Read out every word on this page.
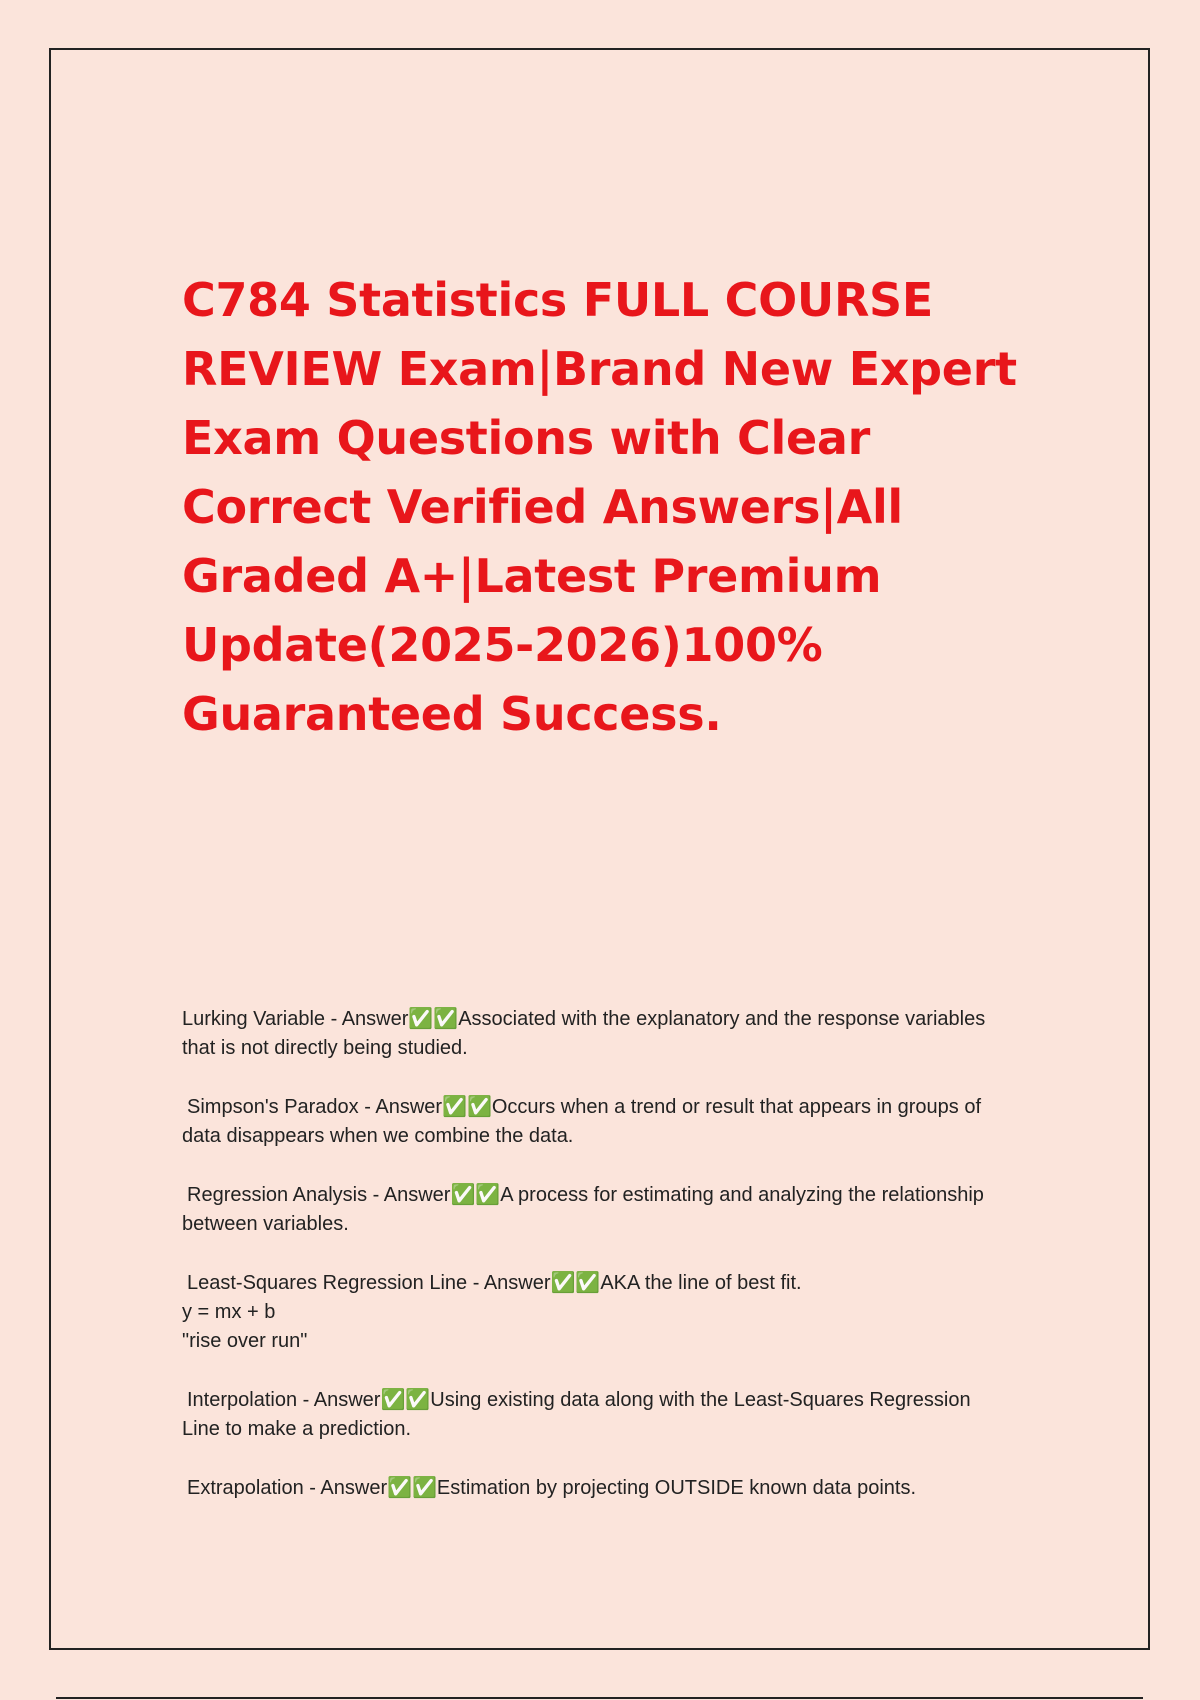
C784 Statistics FULL COURSE REVIEW Exam|Brand New Expert Exam Questions with Clear Correct Verified Answers|All Graded A+|Latest Premium Update(2025-2026)100% Guaranteed Success.
Lurking Variable - Answer✅✅Associated with the explanatory and the response variables that is not directly being studied.
Simpson's Paradox - Answer✅✅Occurs when a trend or result that appears in groups of data disappears when we combine the data.
Regression Analysis - Answer✅✅A process for estimating and analyzing the relationship between variables.
Least-Squares Regression Line - Answer✅✅AKA the line of best fit.
y = mx + b
"rise over run"
Interpolation - Answer✅✅Using existing data along with the Least-Squares Regression Line to make a prediction.
Extrapolation - Answer✅✅Estimation by projecting OUTSIDE known data points.
